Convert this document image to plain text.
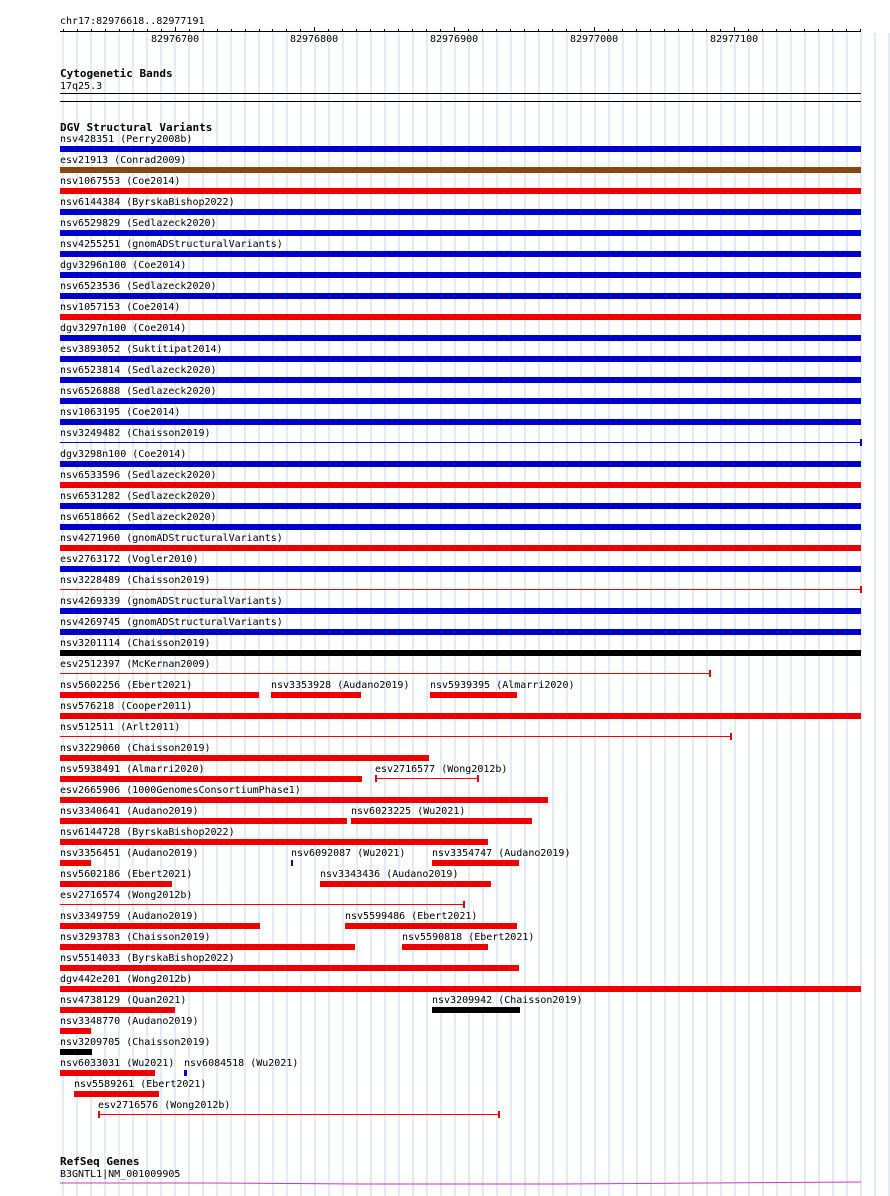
chr17:82976618..82977191
82976700	82976800	82976900	82977000	82977100
Cytogenetic Bands
17q25.3
DGV Structural Variants
nsv428351 (Perry2008b)
esv21913 (Conrad2009)
nsv1067553 (Coe2014)
nsv6144384 (ByrskaBishop2022)
nsv6529829 (Sedlazeck2020)
nsv4255251 (gnomADStructuralVariants)
dgv3296n100 (Coe2014)
nsv6523536 (Sedlazeck2020)
nsv1057153 (Coe2014)
dgv3297n100 (Coe2014)
esv3893052 (Suktitipat2014)
nsv6523814 (Sedlazeck2020)
nsv6526888 (Sedlazeck2020)
nsv1063195 (Coe2014)
nsv3249482 (Chaisson2019)
dgv3298n100 (Coe2014)
nsv6533596 (Sedlazeck2020)
nsv6531282 (Sedlazeck2020)
nsv6518662 (Sedlazeck2020)
nsv4271960 (gnomADStructuralVariants)
esv2763172 (Vogler2010)
nsv3228489 (Chaisson2019)
nsv4269339 (gnomADStructuralVariants)
nsv4269745 (gnomADStructuralVariants)
nsv3201114 (Chaisson2019)
esv2512397 (McKernan2009)
nsv5602256 (Ebert2021)	nsv3353928 (Audano2019) nsv5939395 (Almarri2020)
nsv576218 (Cooper2011)
nsv512511 (Arlt2011)
nsv3229060 (Chaisson2019)
nsv5938491 (Almarri2020)	esv2716577 (Wong2012b)
esv2665906 (1000GenomesConsortiumPhase1)
nsv3340641 (Audano2019)	nsv6023225 (Wu2021)
nsv6144728 (ByrskaBishop2022)
nsv3356451 (Audano2019)	nsv6092087 (Wu2021)	nsv3354747 (Audano2019)
nsv5602186 (Ebert2021)	nsv3343436 (Audano2019)
esv2716574 (Wong2012b)
nsv3349759 (Audano2019)	nsv5599486 (Ebert2021)
nsv3293783 (Chaisson2019)	nsv5590818 (Ebert2021)
nsv5514033 (ByrskaBishop2022)
dgv442e201 (Wong2012b)
nsv4738129 (Quan2021)	nsv3209942 (Chaisson2019)
nsv3348770 (Audano2019)
nsv3209705 (Chaisson2019)
nsv6033031 (Wu2021) nsv6084518 (Wu2021)
nsv5589261 (Ebert2021)
esv2716576 (Wong2012b)
RefSeq Genes
B3GNTL1|NM_001009905
